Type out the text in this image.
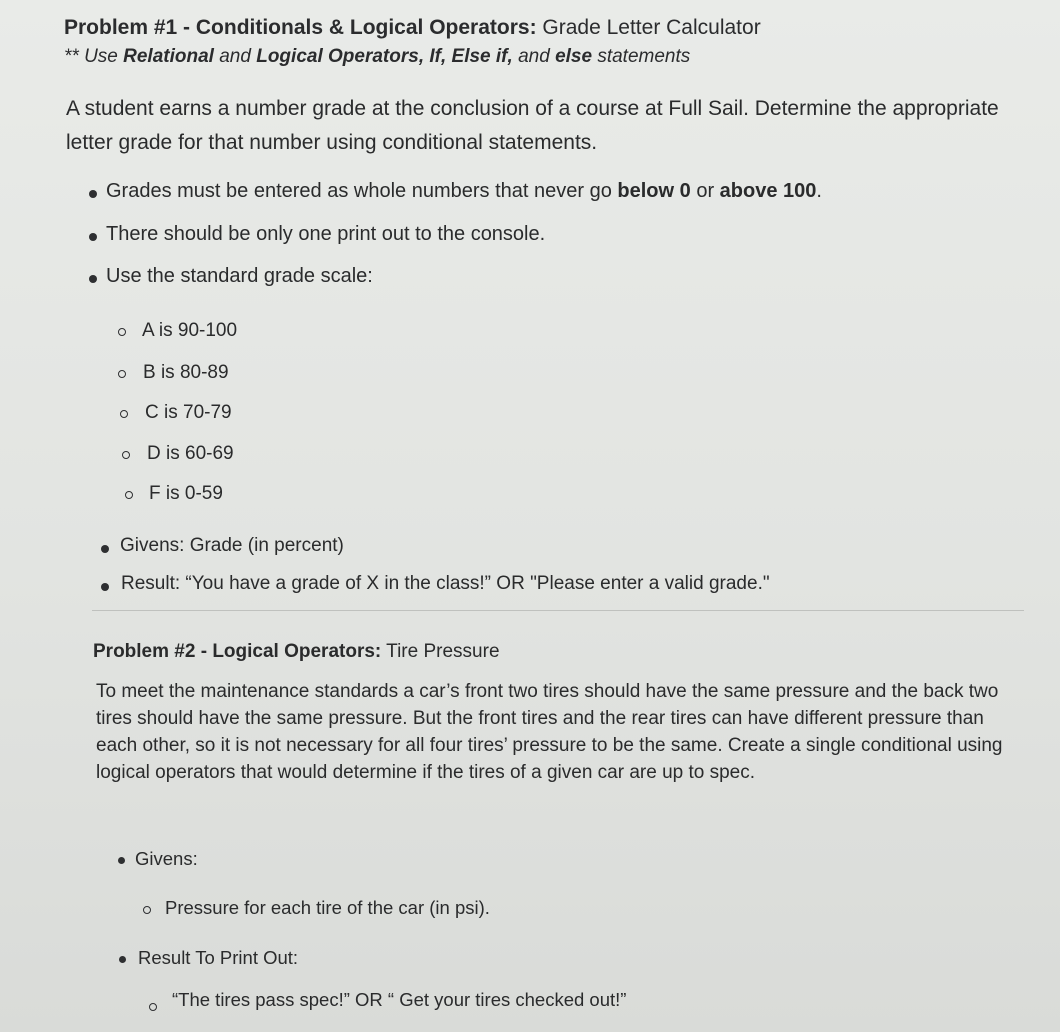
Problem #1 - Conditionals & Logical Operators: Grade Letter Calculator
** Use Relational and Logical Operators, If, Else if, and else statements
A student earns a number grade at the conclusion of a course at Full Sail. Determine the appropriate letter grade for that number using conditional statements.
Grades must be entered as whole numbers that never go below 0 or above 100.
There should be only one print out to the console.
Use the standard grade scale:
A is 90-100
B is 80-89
C is 70-79
D is 60-69
F is 0-59
Givens: Grade (in percent)
Result: “You have a grade of X in the class!” OR "Please enter a valid grade."
Problem #2 - Logical Operators: Tire Pressure
To meet the maintenance standards a car’s front two tires should have the same pressure and the back two tires should have the same pressure. But the front tires and the rear tires can have different pressure than each other, so it is not necessary for all four tires’ pressure to be the same. Create a single conditional using logical operators that would determine if the tires of a given car are up to spec.
Givens:
Pressure for each tire of the car (in psi).
Result To Print Out:
“The tires pass spec!” OR “ Get your tires checked out!”
